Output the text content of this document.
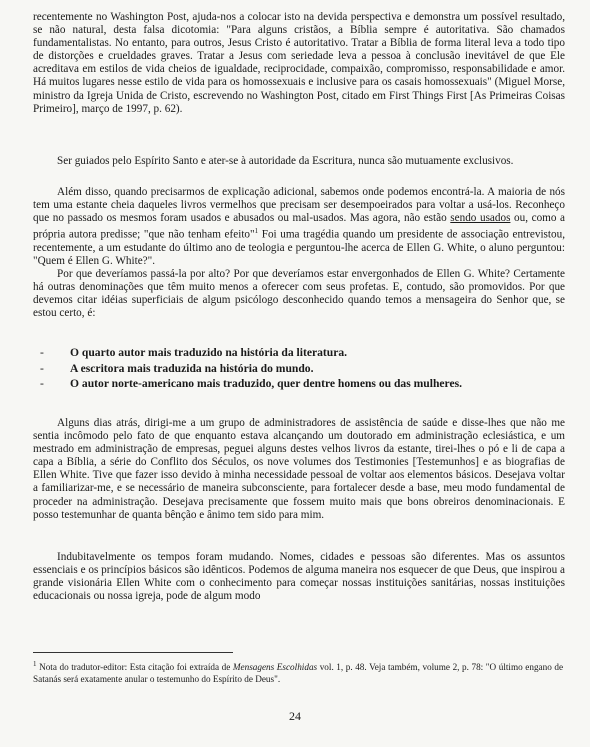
recentemente no Washington Post, ajuda-nos a colocar isto na devida perspectiva e demonstra um possível resultado, se não natural, desta falsa dicotomia: "Para alguns cristãos, a Bíblia sempre é autoritativa. São chamados fundamentalistas. No entanto, para outros, Jesus Cristo é autoritativo. Tratar a Bíblia de forma literal leva a todo tipo de distorções e crueldades graves. Tratar a Jesus com seriedade leva a pessoa à conclusão inevitável de que Ele acreditava em estilos de vida cheios de igualdade, reciprocidade, compaixão, compromisso, responsabilidade e amor. Há muitos lugares nesse estilo de vida para os homossexuais e inclusive para os casais homossexuais" (Miguel Morse, ministro da Igreja Unida de Cristo, escrevendo no Washington Post, citado em First Things First [As Primeiras Coisas Primeiro], março de 1997, p. 62).

Ser guiados pelo Espírito Santo e ater-se à autoridade da Escritura, nunca são mutuamente exclusivos.

Além disso, quando precisarmos de explicação adicional, sabemos onde podemos encontrá-la. A maioria de nós tem uma estante cheia daqueles livros vermelhos que precisam ser desempoeirados para voltar a usá-los. Reconheço que no passado os mesmos foram usados e abusados ou mal-usados. Mas agora, não estão sendo usados ou, como a própria autora predisse; "que não tenham efeito"$^1$ Foi uma tragédia quando um presidente de associação entrevistou, recentemente, a um estudante do último ano de teologia e perguntou-lhe acerca de Ellen G. White, o aluno perguntou: "Quem é Ellen G. White?".

Por que deveríamos passá-la por alto? Por que deveríamos estar envergonhados de Ellen G. White? Certamente há outras denominações que têm muito menos a oferecer com seus profetas. E, contudo, são promovidos. Por que devemos citar idéias superficiais de algum psicólogo desconhecido quando temos a mensageira do Senhor que, se estou certo, é:

-	O quarto autor mais traduzido na história da literatura.
-	A escritora mais traduzida na história do mundo.
-	O autor norte-americano mais traduzido, quer dentre homens ou das mulheres.

Alguns dias atrás, dirigi-me a um grupo de administradores de assistência de saúde e disse-lhes que não me sentia incômodo pelo fato de que enquanto estava alcançando um doutorado em administração eclesiástica, e um mestrado em administração de empresas, peguei alguns destes velhos livros da estante, tirei-lhes o pó e li de capa a capa a Bíblia, a série do Conflito dos Séculos, os nove volumes dos Testimonies [Testemunhos] e as biografias de Ellen White. Tive que fazer isso devido à minha necessidade pessoal de voltar aos elementos básicos. Desejava voltar a familiarizar-me, e se necessário de maneira subconsciente, para fortalecer desde a base, meu modo fundamental de proceder na administração. Desejava precisamente que fossem muito mais que bons obreiros denominacionais. E posso testemunhar de quanta bênção e ânimo tem sido para mim.

Indubitavelmente os tempos foram mudando. Nomes, cidades e pessoas são diferentes. Mas os assuntos essenciais e os princípios básicos são idênticos. Podemos de alguma maneira nos esquecer de que Deus, que inspirou a grande visionária Ellen White com o conhecimento para começar nossas instituições sanitárias, nossas instituições educacionais ou nossa igreja, pode de algum modo

$^1$ Nota do tradutor-editor: Esta citação foi extraída de Mensagens Escolhidas vol. 1, p. 48. Veja também, volume 2, p. 78: "O último engano de Satanás será exatamente anular o testemunho do Espírito de Deus".

24
